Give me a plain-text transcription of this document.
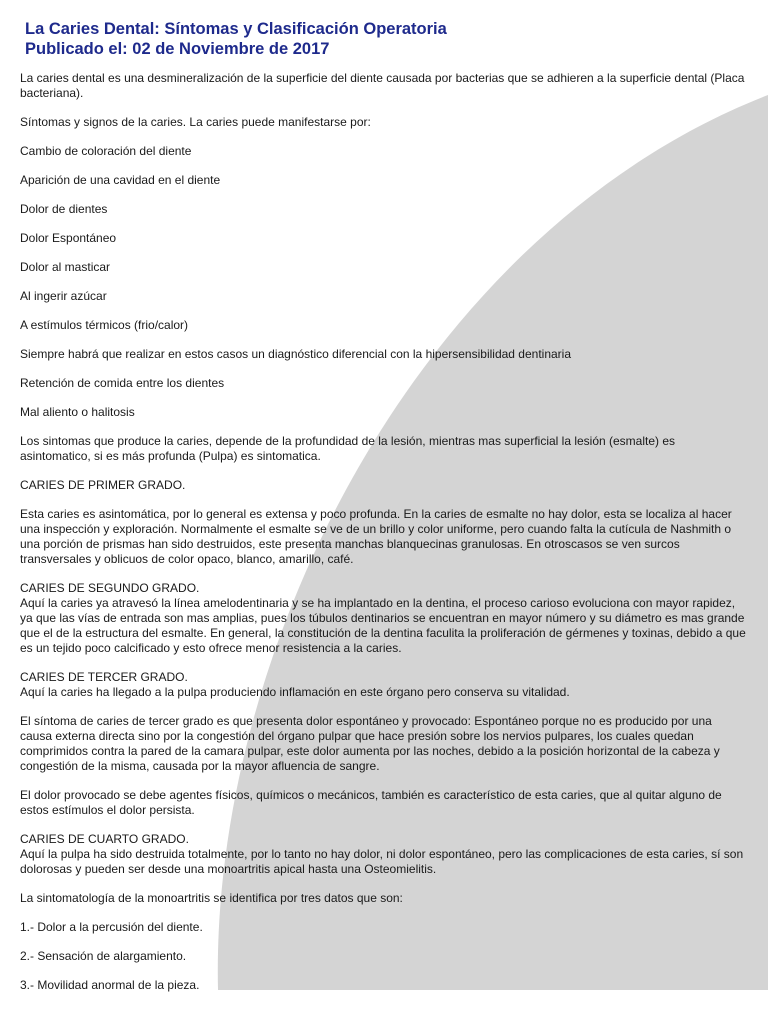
La Caries Dental: Síntomas y Clasificación Operatoria
Publicado el: 02 de Noviembre de 2017

La caries dental es una desmineralización de la superficie del diente causada por bacterias que se adhieren a la superficie dental (Placa bacteriana).

Síntomas y signos de la caries. La caries puede manifestarse por:

Cambio de coloración del diente

Aparición de una cavidad en el diente

Dolor de dientes

Dolor Espontáneo

Dolor al masticar

Al ingerir azúcar

A estímulos térmicos (frio/calor)

Siempre habrá que realizar en estos casos un diagnóstico diferencial con la hipersensibilidad dentinaria

Retención de comida entre los dientes

Mal aliento o halitosis

Los sintomas que produce la caries, depende de la profundidad de la lesión, mientras mas superficial la lesión (esmalte) es asintomatico, si es más profunda (Pulpa) es sintomatica.

CARIES DE PRIMER GRADO.

Esta caries es asintomática, por lo general es extensa y poco profunda. En la caries de esmalte no hay dolor, esta se localiza al hacer una inspección y exploración. Normalmente el esmalte se ve de un brillo y color uniforme, pero cuando falta la cutícula de Nashmith o una porción de prismas han sido destruidos, este presenta manchas blanquecinas granulosas. En otroscasos se ven surcos transversales y oblicuos de color opaco, blanco, amarillo, café.

CARIES DE SEGUNDO GRADO.

Aquí la caries ya atravesó la línea amelodentinaria y se ha implantado en la dentina, el proceso carioso evoluciona con mayor rapidez, ya que las vías de entrada son mas amplias, pues los túbulos dentinarios se encuentran en mayor número y su diámetro es mas grande que el de la estructura del esmalte. En general, la constitución de la dentina faculita la proliferación de gérmenes y toxinas, debido a que es un tejido poco calcificado y esto ofrece menor resistencia a la caries.

CARIES DE TERCER GRADO.

Aquí la caries ha llegado a la pulpa produciendo inflamación en este órgano pero conserva su vitalidad.

El síntoma de caries de tercer grado es que presenta dolor espontáneo y provocado: Espontáneo porque no es producido por una causa externa directa sino por la congestión del órgano pulpar que hace presión sobre los nervios pulpares, los cuales quedan comprimidos contra la pared de la camara pulpar, este dolor aumenta por las noches, debido a la posición horizontal de la cabeza y congestión de la misma, causada por la mayor afluencia de sangre.

El dolor provocado se debe agentes físicos, químicos o mecánicos, también es característico de esta caries, que al quitar alguno de estos estímulos el dolor persista.

CARIES DE CUARTO GRADO.

Aquí la pulpa ha sido destruida totalmente, por lo tanto no hay dolor, ni dolor espontáneo, pero las complicaciones de esta caries, sí son dolorosas y pueden ser desde una monoartritis apical hasta una Osteomielitis.

La sintomatología de la monoartritis se identifica por tres datos que son:

1.- Dolor a la percusión del diente.

2.- Sensación de alargamiento.

3.- Movilidad anormal de la pieza.
